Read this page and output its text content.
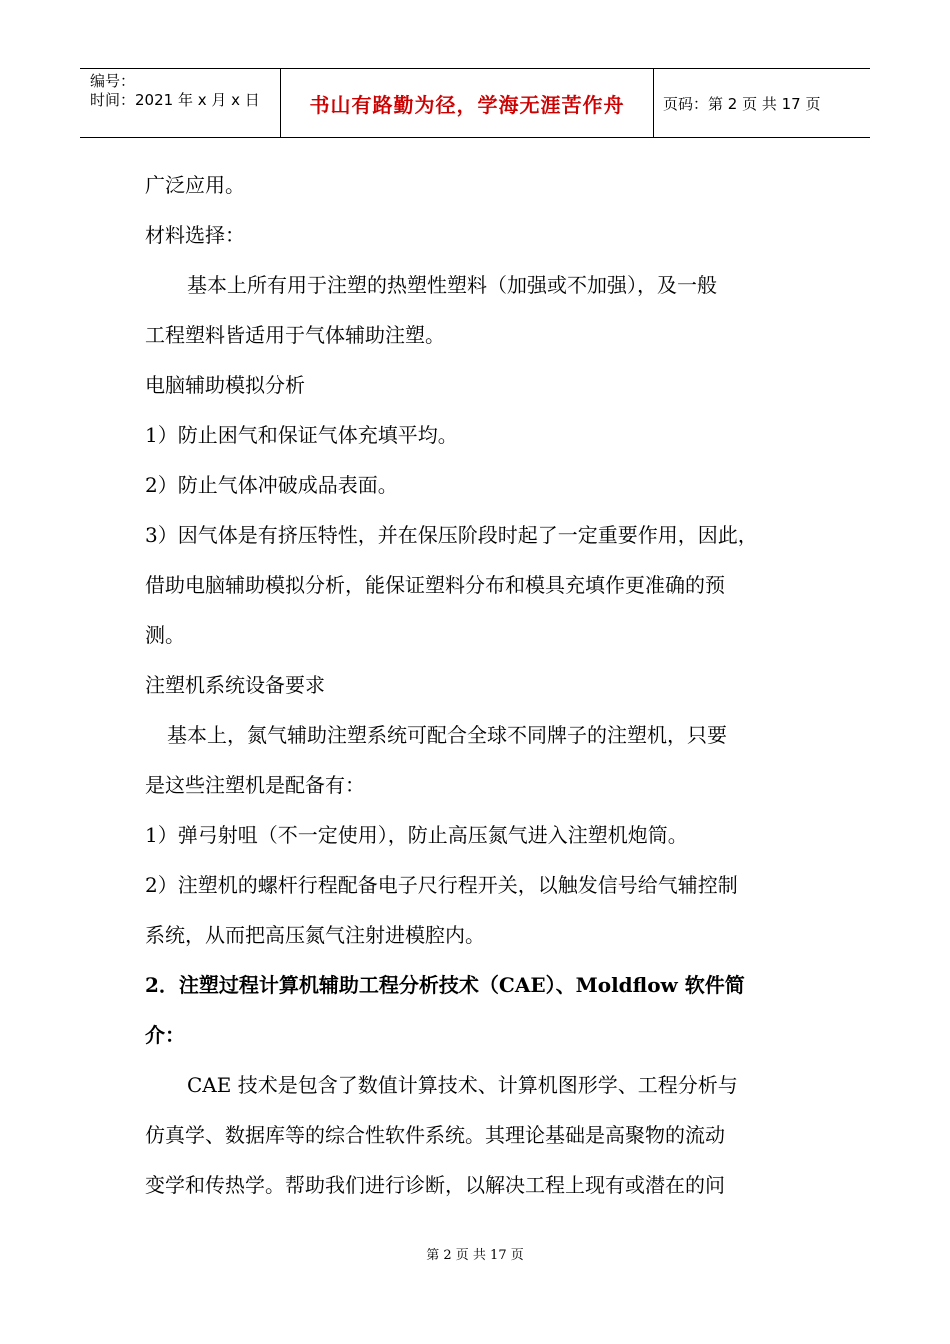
编号：
时间：2021 年 x 月 x 日	书山有路勤为径，学海无涯苦作舟	页码：第 2 页 共 17 页

广泛应用。

材料选择：

基本上所有用于注塑的热塑性塑料（加强或不加强），及一般

工程塑料皆适用于气体辅助注塑。

电脑辅助模拟分析

1）防止困气和保证气体充填平均。

2）防止气体冲破成品表面。

3）因气体是有挤压特性，并在保压阶段时起了一定重要作用，因此，

借助电脑辅助模拟分析，能保证塑料分布和模具充填作更准确的预

测。

注塑机系统设备要求

基本上，氮气辅助注塑系统可配合全球不同牌子的注塑机，只要

是这些注塑机是配备有：

1）弹弓射咀（不一定使用），防止高压氮气进入注塑机炮筒。

2）注塑机的螺杆行程配备电子尺行程开关，以触发信号给气辅控制

系统，从而把高压氮气注射进模腔内。

2．注塑过程计算机辅助工程分析技术（CAE）、Moldflow 软件简

介：

CAE 技术是包含了数值计算技术、计算机图形学、工程分析与

仿真学、数据库等的综合性软件系统。其理论基础是高聚物的流动

变学和传热学。帮助我们进行诊断，以解决工程上现有或潜在的问

第 2 页 共 17 页
